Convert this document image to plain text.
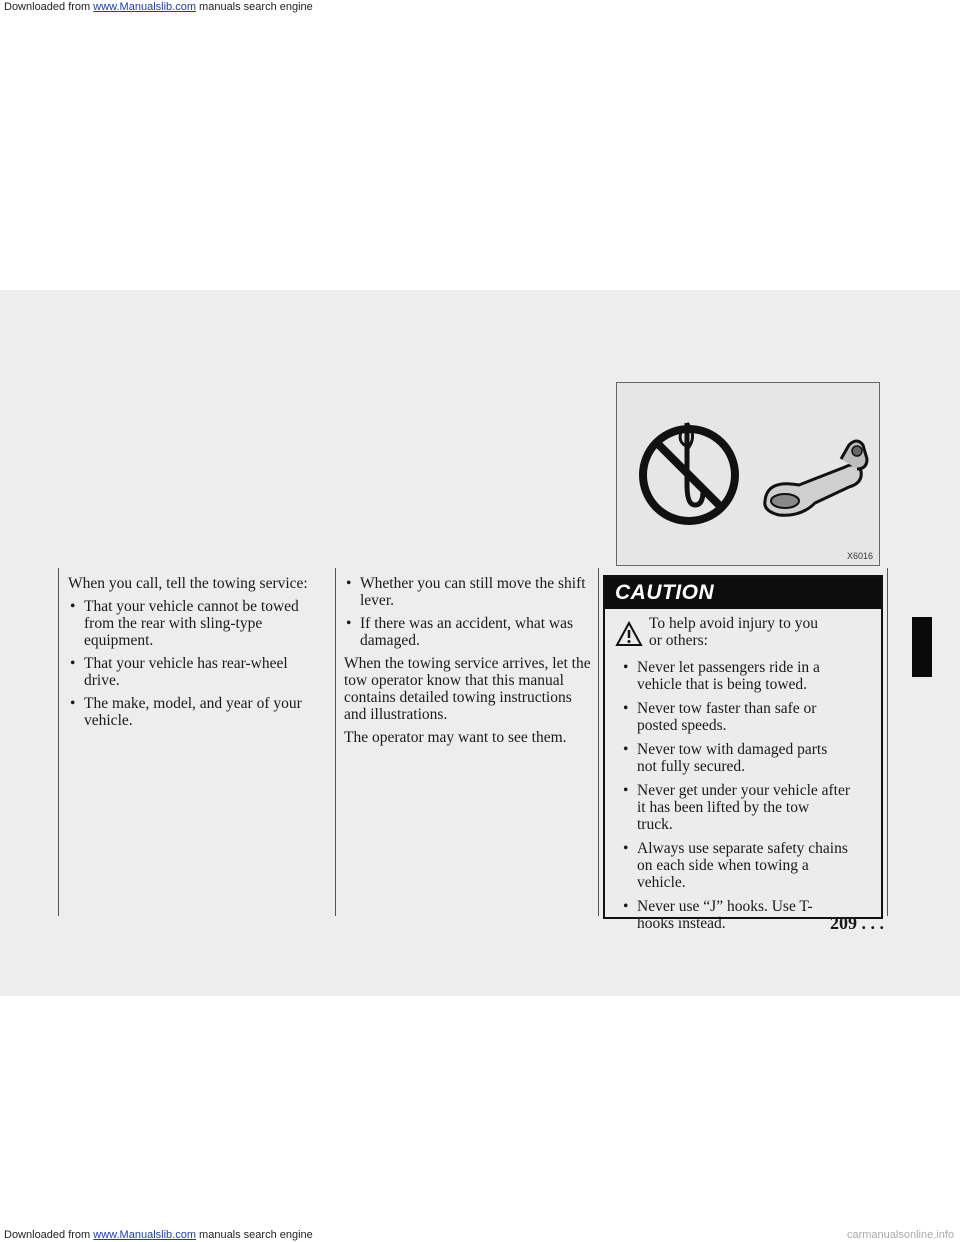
Downloaded from www.Manualslib.com manuals search engine

When you call, tell the towing service:

• That your vehicle cannot be towed
from the rear with sling-type
equipment.
• That your vehicle has rear-wheel
drive.
• The make, model, and year of your
vehicle.
• Whether you can still move the shift
lever.
• If there was an accident, what was
damaged.

When the towing service arrives, let the
tow operator know that this manual
contains detailed towing instructions
and illustrations.

The operator may want to see them.

X6016
CAUTION
To help avoid injury to you
or others:
• Never let passengers ride in a
vehicle that is being towed.
• Never tow faster than safe or
posted speeds.
• Never tow with damaged parts
not fully secured.
• Never get under your vehicle after
it has been lifted by the tow
truck.
• Always use separate safety chains
on each side when towing a
vehicle.
• Never use “J” hooks. Use T-
hooks instead.	209 . . .
Downloaded from www.Manualslib.com manuals search engine	carmanualsonline.info
